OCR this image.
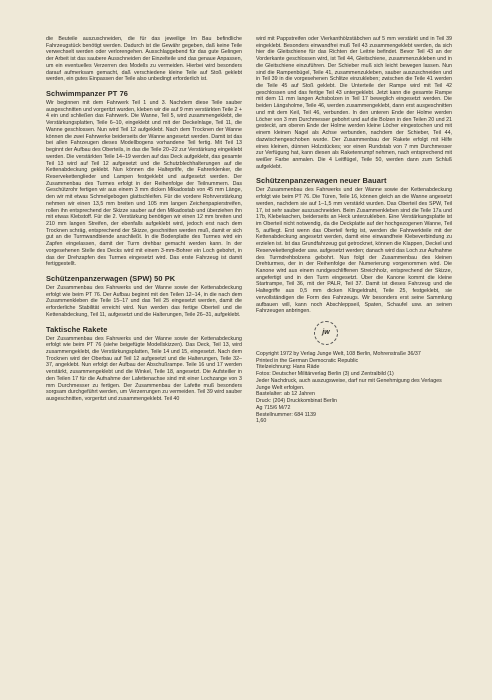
die Beuteile auszuschneiden, die für das jeweilige Im Bau befindliche Fahrzeugstück benötigt werden. Dadurch ist die Gewähr gegeben, daß keine Teile verwechselt werden oder verlorengehen. Ausschlaggebend für das gute Gelingen der Arbeit ist das saubere Ausschneiden der Einzelteile und das genaue Anpassen, um ein eventuelles Verzerren des Modells zu vermeiden. Hierbei wird besonders darauf aufmerksam gemacht, daß verschiedene kleine Teile auf Stoß geklebt werden, ein gutes Einpassen der Teile also unbedingt erforderlich ist.

Schwimmpanzer PT 76

Wir beginnen mit dem Fahrwerk Teil 1 und 3. Nachdem diese Teile sauber ausgeschnitten und vorgeritzt wurden, kleben wir die auf 9 mm verstärkten Teile 2 + 4 ein und schließen das Fahrwerk. Die Wanne, Teil 5, wird zusammengeklebt, die Verstärkungsplatten, Teile 6–10, eingeklebt und mit der Deckelnlage, Teil 11, die Wanne geschlossen. Nun wird Teil 12 aufgeklebt. Nach dem Trocknen der Wanne können die zwei Fahrwerke beiderseits der Wanne angesetzt werden. Damit ist das bei allen Fahrzeugen dieses Modellbogens vorhandene Teil fertig. Mit Teil 13 beginnt der Aufbau des Oberteils, in das die Teile 20–22 zur Verstärkung eingeklebt werden. Die verstärkten Teile 14–19 werden auf das Deck aufgeklebt, das gesamte Teil 13 wird auf Teil 12 aufgesetzt und die Schutzblechhalterungen auf die Kettenabdeckung geklebt. Nun können die Halteprilfe, die Fahrerklenker, die Reservekettenglieder und Lampen festgeklebt und aufgesetzt werden. Der Zusammenbau des Turmes erfolgt in der Reihenfolge der Teilnummern. Das Geschützrohr fertigen wir aus einem 3 mm dicken Mikadostab von 45 mm Länge, den wir mit etwas Schmelgebogen glattschleifen. Für die vordere Rohrverstärkung nehmen wir einen 13,5 mm breiten und 105 mm langen Zeichenpapierstreifen, rollen ihn entsprechend der Skizze sauber auf den Mikadostab und überziehen ihn mit etwas Klebstoff. Für die 2. Verstärkung benötigen wir einen 12 mm breiten und 210 mm langen Streifen, der ebenfalls aufgeklebt wird, jedoch erst nach dem Trocknen schräg, entsprechend der Skizze, geschnitten werden muß, damit er sich gut an die Turmwandbiende anschließt. In die Bodenplatte des Turmes wird ein Zapfen eingelassen, damit der Turm drehbar gemacht werden kann. In der vorgesehenen Stelle des Decks wird mit einem 3-mm-Bohrer ein Loch gebohrt, in das der Drehzapfen des Turmes eingesetzt wird. Das erste Fahrzeug ist damit fertiggestellt.

Schützenpanzerwagen (SPW) 50 PK

Der Zusammenbau des Fahrwerks und der Wanne sowie der Kettenabdeckung erfolgt wie beim PT 76. Der Aufbau beginnt mit den Teilen 12–14, in die nach dem Zusammenkleben die Teile 15–17 und das Teil 25 eingesetzt werden, damit die erforderliche Stabilität erreicht wird. Nun werden das fertige Oberteil und die Kettenabdeckung, Teil 11, aufgesetzt und die Halterungen, Teile 26–31, aufgeklebt.

Taktische Rakete

Der Zusammenbau des Fahrwerks und der Wanne sowie der Kettenabdeckung erfolgt wie beim PT 76 (siehe beigefügte Modellskizzen). Das Deck, Teil 13, wird zusammengeklebt, die Verstärkungsplatten, Teile 14 und 15, eingesetzt. Nach dem Trocknen wird der Oberbau auf Teil 12 aufgesetzt und die Halterungen, Teile 32–37, angeklebt. Nun erfolgt der Aufbau der Abschußrampe. Teile 16 und 17 werden verstärkt, zusammengeklebt und die Winkel, Teile 18, angesetzt. Die Aufsteiller in den Teilen 17 für die Aufnahme der Lafettenachse sind mit einer Lochzange von 3 mm Durchmesser zu fertigen. Der Zusammenbau der Lafette muß besonders sorgsam durchgeführt werden, um Verzerrungen zu vermeiden. Teil 39 wird sauber ausgeschnitten, vorgeritzt und zusammengeklebt. Teil 40

wird mit Pappstreifen oder Vierkanthölzstäbchen auf 5 mm verstärkt und in Teil 39 eingeklebt. Besonders einwandfrei muß Teil 43 zusammengeklebt werden, da sich hier die Gleitschiene für das Richten der Leitrie befindet. Bevor Teil 43 an der Vorderkante geschlossen wird, ist Teil 44, Gleitschiene, zusammenzukleben und in die Gleitschiene einzuführen. Der Schieber muß sich leicht bewegen lassen. Nun sind die Rampenbügel, Teile 41, zusammenzukleben, sauber auszuschneiden und in Teil 39 in die vorgesehenen Schlitze einzukleben; zwischen die Teile 41 werden die Teile 45 auf Stoß geklebt. Die Unterteile der Rampe wird mit Teil 42 geschlossen und das fertige Teil 43 untergeklebt. Jetzt kann die gesamte Rampe mit dem 11 mm langen Achsbolzen in Teil 17 beweglich eingesetzt werden. Die beiden Längsholme, Teile 46, werden zusammengeklebt, dann erst ausgeschnitten und mit dem Keil, Teil 46, verbunden. In den unteren Ende der Holme werden Löcher von 3 mm Durchmesser gebohrt und auf die Bolzen in den Teilen 20 und 21 gesteckt, am oberen Ende der Holme werden kleine Löcher eingestochen und mit einem kleinen Nagel als Achse verbunden, nachdem der Schieber, Teil 44, dazwischengeschoben wurde. Der Zusammenbau der Rakete erfolgt mit Hilfe eines kleinen, dünnen Holzstückes; vor einen Rundstab von 7 mm Durchmesser zur Verfügung hat, kann diesen als Raketenrumpf nehmen, nach entsprechend mit weißer Farbe anmalen. Die 4 Leitflügel, Teile 50, werden dann zum Schluß aufgeklebt.

Schützenpanzerwagen neuer Bauart

Der Zusammenbau des Fahrwerks und der Wanne sowie der Kettenabdeckung erfolgt wie beim PT 76. Die Türen, Teile 16, können gleich an die Wanne angesetzt werden, nachdem sie auf 1–1,5 mm verstärkt wurden. Das Oberteil des SPW, Teil 17, ist sehr sauber auszuschneiden. Beim Zusammenkleben sind die Teile 17a und 17b, Klebelaschen, beiderseits an Heck unterzukleben. Eine Verstärkungsplatte ist im Oberteil nicht notwendig, da die Deckplatte auf der hochgezogenen Wanne, Teil 5, aufliegt. Erst wenn das Oberteil fertig ist, werden die Fahrwerkteile mit der Kettenabdeckung angesetzt werden, damit eine einwandfreie Klebeverbindung zu erzielen ist. Ist das Grundfahrzeug gut getrocknet, können die Klappen, Deckel und Reservekettenglieder usw. aufgesetzt werden; danach wird das Loch zur Aufnahme des Turmdrehbolzens gebohrt. Nun folgt der Zusammenbau des kleinen Drehturmes, der in der Reihenfolge der Numerierung vorgenommen wird. Die Kanone wird aus einem rundgeschliffenen Streichholz, entsprechend der Skizze, angefertigt und in den Turm eingesetzt. Über die Kanone kommt die kleine Startrampe, Teil 36, mit der PALR, Teil 37. Damit ist dieses Fahrzeug und die Haltegriffe aus 0,5 mm dicken Klingeldraht, Teile 25, festgeklebt, sie vervollständigen die Form des Fahrzeugs. Wir besonders erst seine Sammlung aufbauen will, kann noch Abschleppseil, Spaten, Schaufel usw. an seinen Fahrzeugen anbringen.

jw

Copyright 1972 by Verlag Junge Welt, 108 Berlin, Mohrenstraße 36/37

Printed in the German Democratic Republic

Titelzeichnung: Hans Räde

Fotos: Deutscher Militärverlag Berlin (3) und Zentralbild (1)

Jeder Nachdruck, auch auszugsweise, darf nur mit Genehmigung des Verlages Junge Welt erfolgen.

Bastelalter: ab 12 Jahren

Druck: (204) Druckkombinat Berlin

Ag 715/6 M/72

Bestellnummer: 684 1139

1,60
